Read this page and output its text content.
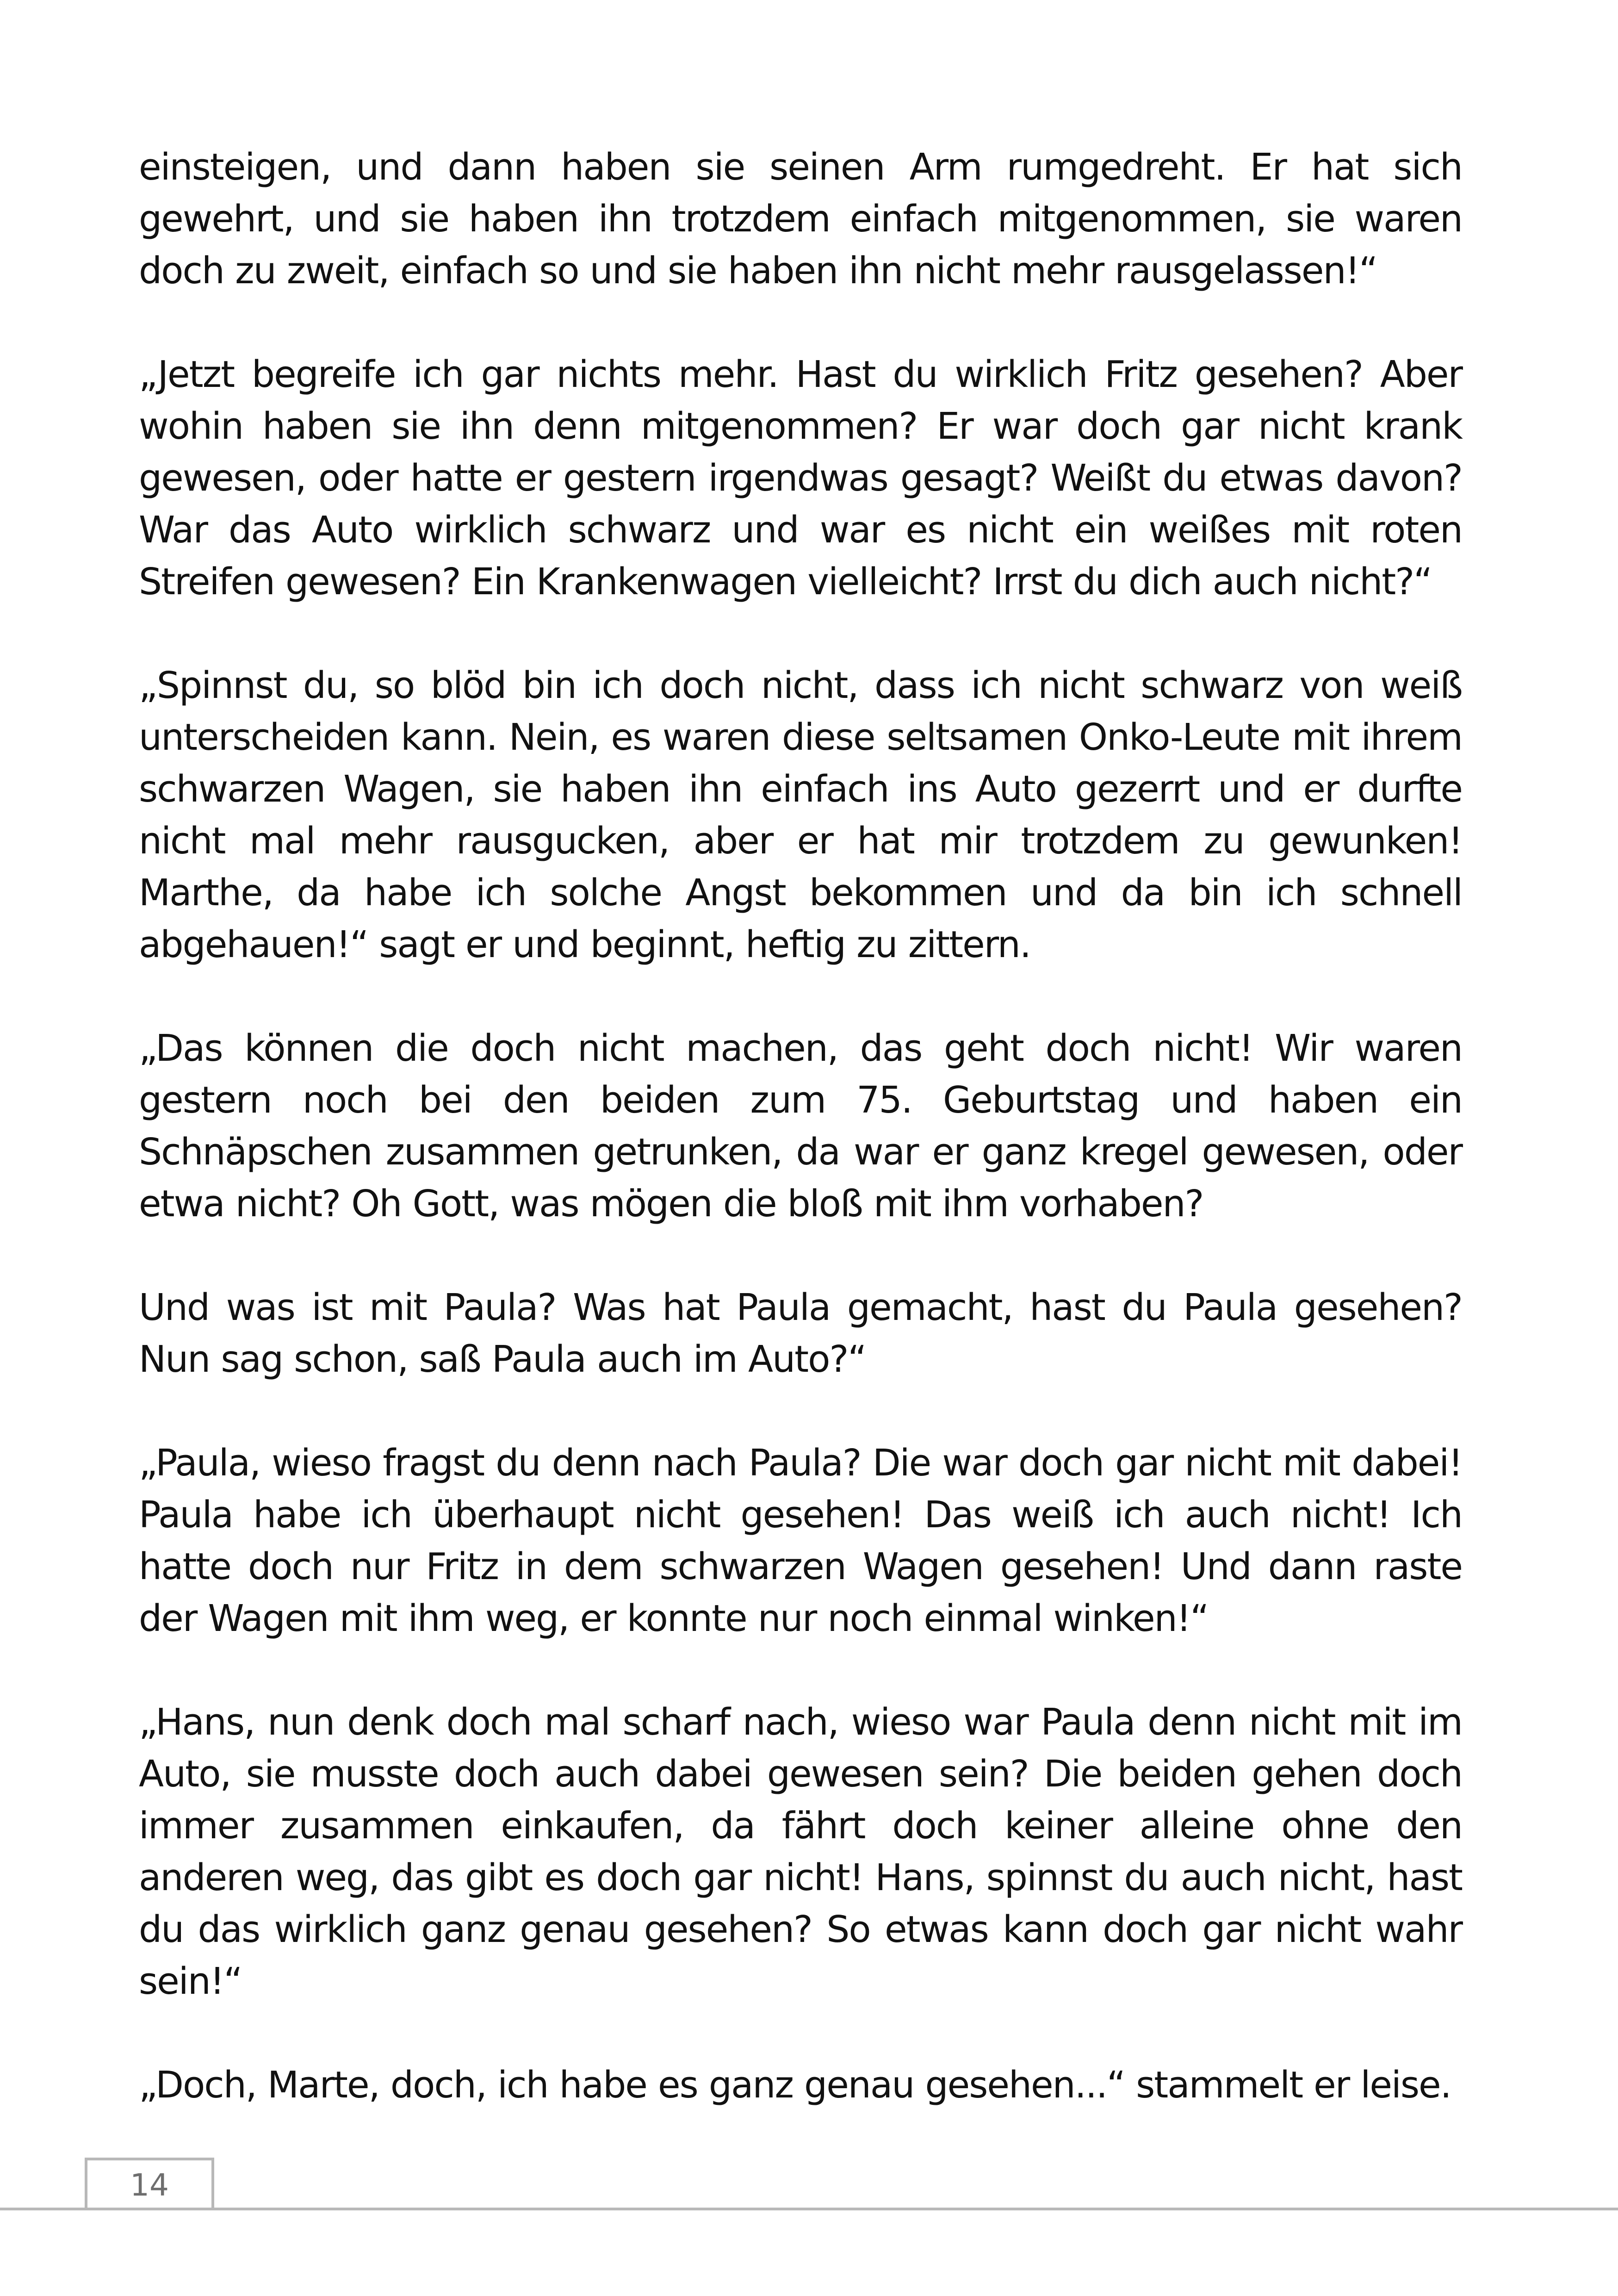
einsteigen, und dann haben sie seinen Arm rumgedreht. Er hat sich gewehrt, und sie haben ihn trotzdem einfach mitgenommen, sie waren doch zu zweit, einfach so und sie haben ihn nicht mehr rausgelassen!“

„Jetzt begreife ich gar nichts mehr. Hast du wirklich Fritz gesehen? Aber wohin haben sie ihn denn mitgenommen? Er war doch gar nicht krank gewesen, oder hatte er gestern irgendwas gesagt? Weißt du etwas davon? War das Auto wirklich schwarz und war es nicht ein weißes mit roten Streifen gewesen? Ein Krankenwagen vielleicht? Irrst du dich auch nicht?“

„Spinnst du, so blöd bin ich doch nicht, dass ich nicht schwarz von weiß unterscheiden kann. Nein, es waren diese seltsamen Onko-Leute mit ihrem schwarzen Wagen, sie haben ihn einfach ins Auto gezerrt und er durfte nicht mal mehr rausgucken, aber er hat mir trotzdem zu gewunken! Marthe, da habe ich solche Angst bekommen und da bin ich schnell abgehauen!“ sagt er und beginnt, heftig zu zittern.

„Das können die doch nicht machen, das geht doch nicht! Wir waren gestern noch bei den beiden zum 75. Geburtstag und haben ein Schnäpschen zusammen getrunken, da war er ganz kregel gewesen, oder etwa nicht? Oh Gott, was mögen die bloß mit ihm vorhaben?

Und was ist mit Paula? Was hat Paula gemacht, hast du Paula gesehen? Nun sag schon, saß Paula auch im Auto?“

„Paula, wieso fragst du denn nach Paula? Die war doch gar nicht mit dabei! Paula habe ich überhaupt nicht gesehen! Das weiß ich auch nicht! Ich hatte doch nur Fritz in dem schwarzen Wagen gesehen! Und dann raste der Wagen mit ihm weg, er konnte nur noch einmal winken!“

„Hans, nun denk doch mal scharf nach, wieso war Paula denn nicht mit im Auto, sie musste doch auch dabei gewesen sein? Die beiden gehen doch immer zusammen einkaufen, da fährt doch keiner alleine ohne den anderen weg, das gibt es doch gar nicht! Hans, spinnst du auch nicht, hast du das wirklich ganz genau gesehen? So etwas kann doch gar nicht wahr sein!“

„Doch, Marte, doch, ich habe es ganz genau gesehen...“ stammelt er leise.

14
